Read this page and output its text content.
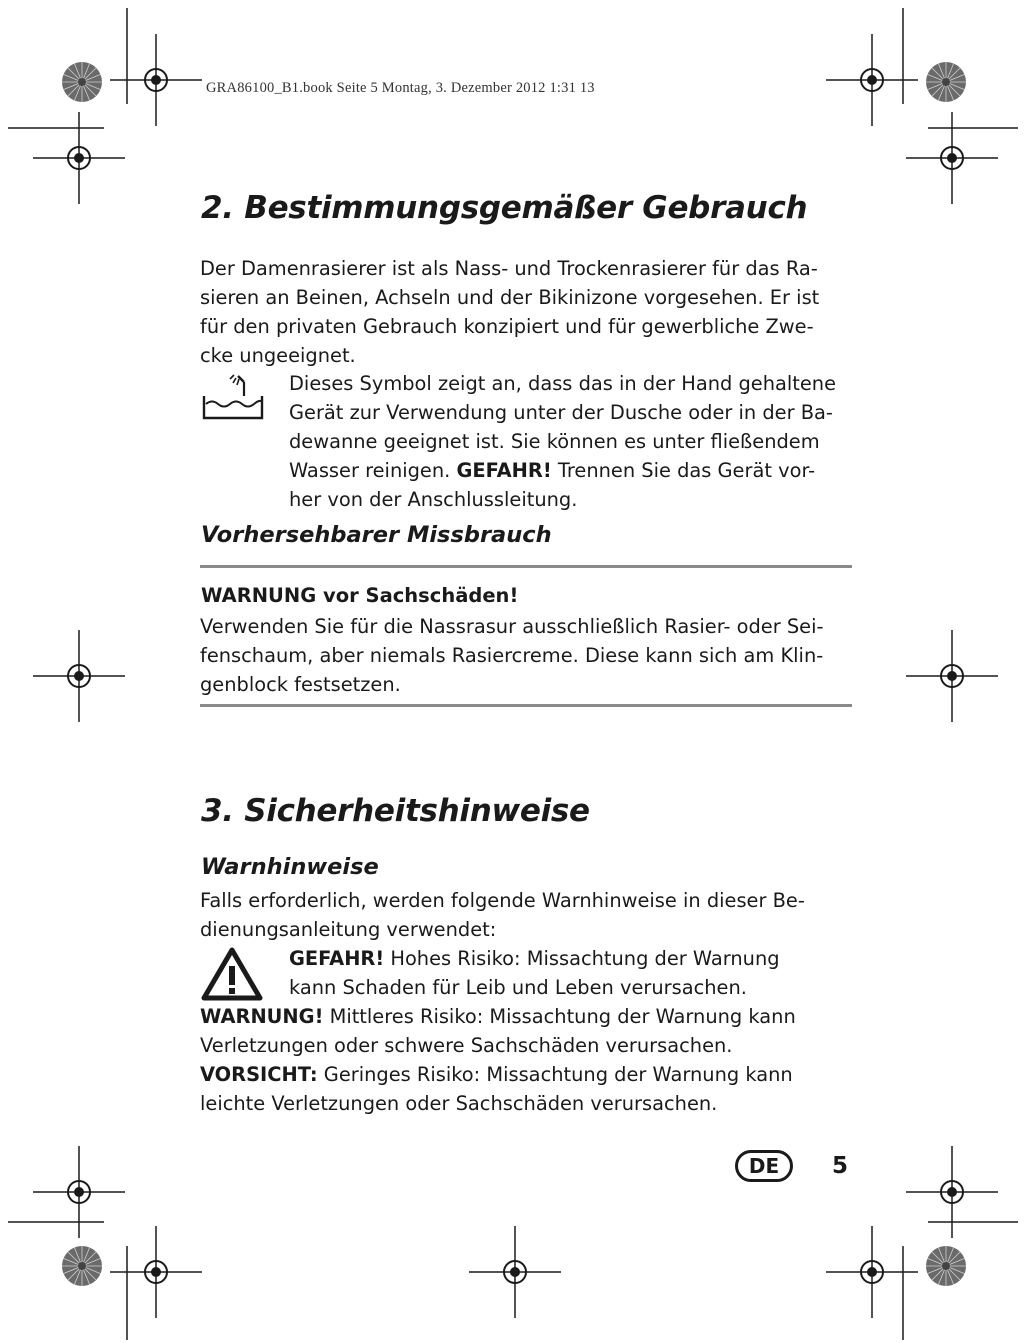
GRA86100_B1.book Seite 5 Montag, 3. Dezember 2012 1:31 13
2. Bestimmungsgemäßer Gebrauch

Der Damenrasierer ist als Nass- und Trockenrasierer für das Ra-
sieren an Beinen, Achseln und der Bikinizone vorgesehen. Er ist
für den privaten Gebrauch konzipiert und für gewerbliche Zwe-
cke ungeeignet.

Dieses Symbol zeigt an, dass das in der Hand gehaltene
Gerät zur Verwendung unter der Dusche oder in der Ba-
dewanne geeignet ist. Sie können es unter fließendem
Wasser reinigen. GEFAHR! Trennen Sie das Gerät vor-
her von der Anschlussleitung.

Vorhersehbarer Missbrauch

WARNUNG vor Sachschäden!

Verwenden Sie für die Nassrasur ausschließlich Rasier- oder Sei-
fenschaum, aber niemals Rasiercreme. Diese kann sich am Klin-
genblock festsetzen.

3. Sicherheitshinweise
Warnhinweise

Falls erforderlich, werden folgende Warnhinweise in dieser Be-
dienungsanleitung verwendet:

GEFAHR! Hohes Risiko: Missachtung der Warnung
kann Schaden für Leib und Leben verursachen.

WARNUNG! Mittleres Risiko: Missachtung der Warnung kann
Verletzungen oder schwere Sachschäden verursachen.
VORSICHT: Geringes Risiko: Missachtung der Warnung kann
leichte Verletzungen oder Sachschäden verursachen.

DE	5
